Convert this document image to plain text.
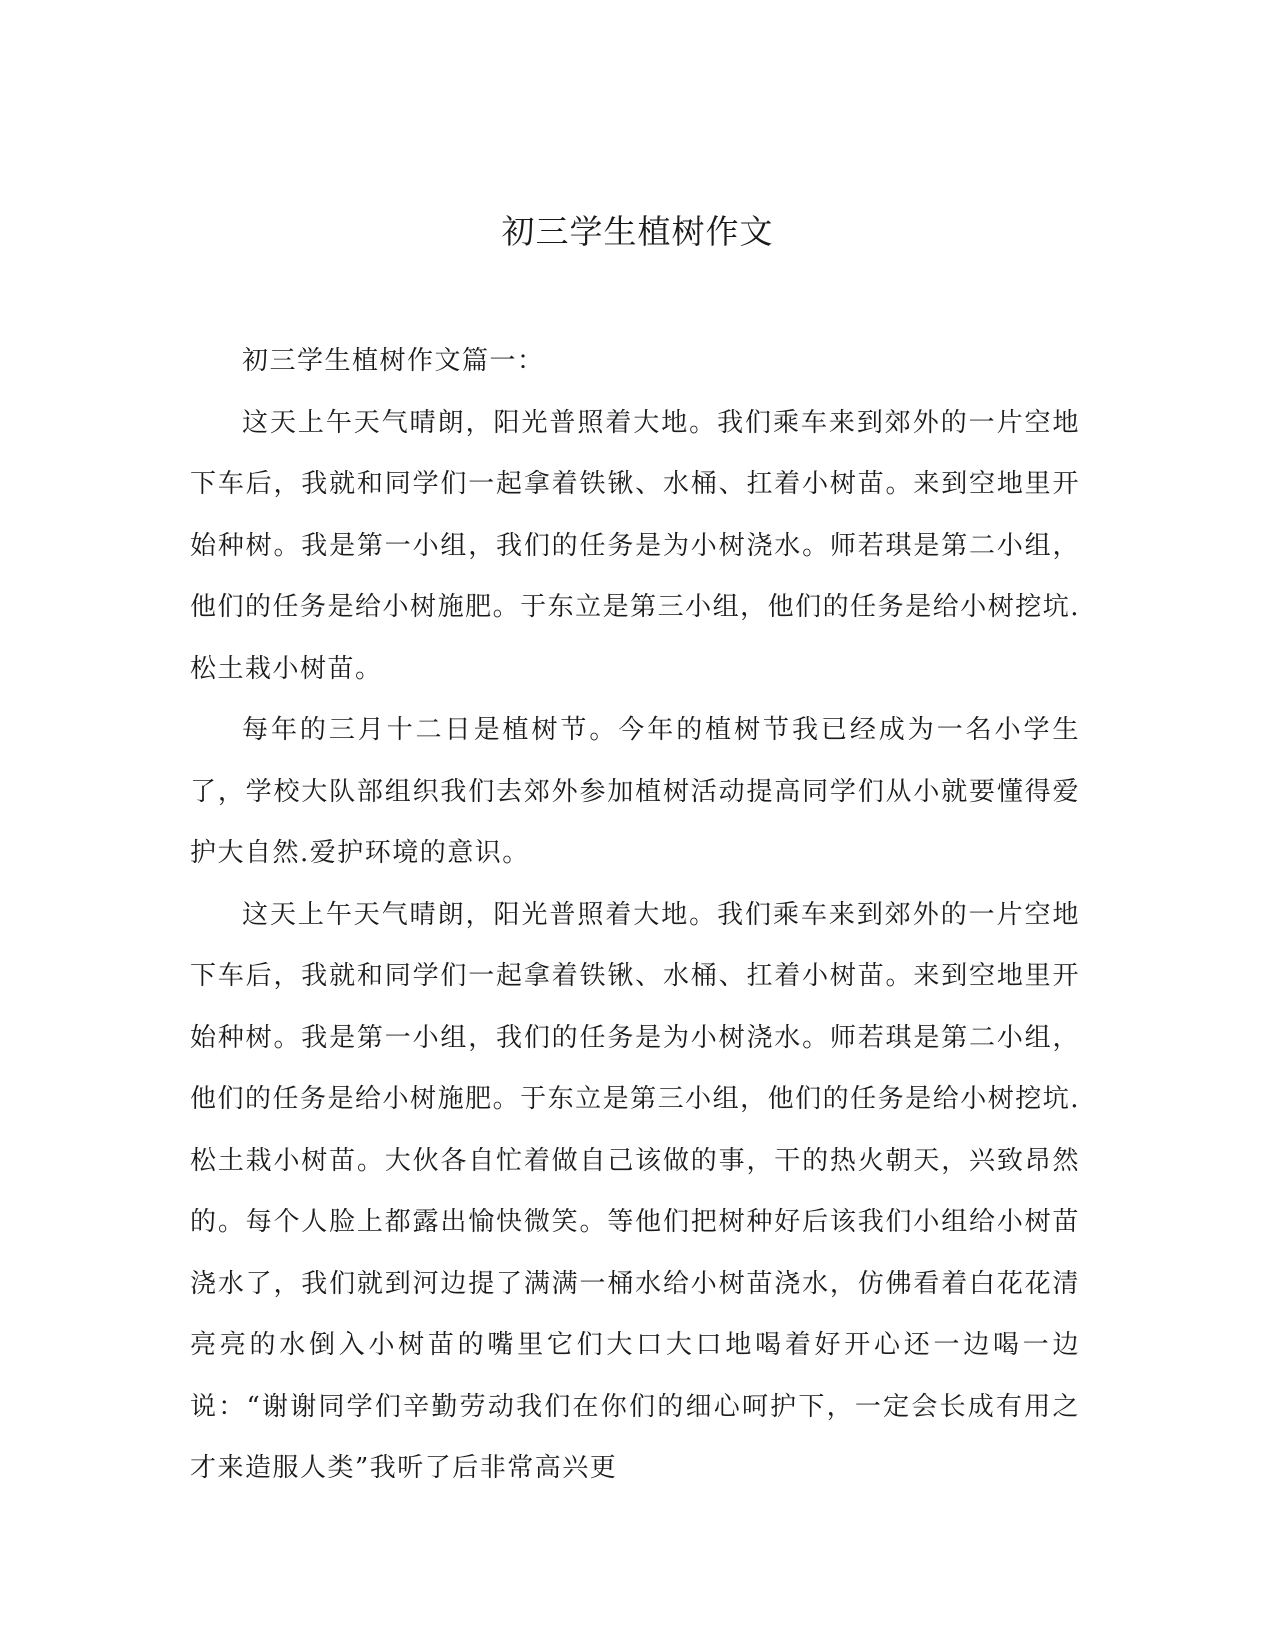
初三学生植树作文

初三学生植树作文篇一：

这天上午天气晴朗，阳光普照着大地。我们乘车来到郊外的一片空地下车后，我就和同学们一起拿着铁锹、水桶、扛着小树苗。来到空地里开始种树。我是第一小组，我们的任务是为小树浇水。师若琪是第二小组，他们的任务是给小树施肥。于东立是第三小组，他们的任务是给小树挖坑.松土栽小树苗。

每年的三月十二日是植树节。今年的植树节我已经成为一名小学生了，学校大队部组织我们去郊外参加植树活动提高同学们从小就要懂得爱护大自然.爱护环境的意识。

这天上午天气晴朗，阳光普照着大地。我们乘车来到郊外的一片空地下车后，我就和同学们一起拿着铁锹、水桶、扛着小树苗。来到空地里开始种树。我是第一小组，我们的任务是为小树浇水。师若琪是第二小组，他们的任务是给小树施肥。于东立是第三小组，他们的任务是给小树挖坑.松土栽小树苗。大伙各自忙着做自己该做的事，干的热火朝天，兴致昂然的。每个人脸上都露出愉快微笑。等他们把树种好后该我们小组给小树苗浇水了，我们就到河边提了满满一桶水给小树苗浇水，仿佛看着白花花清亮亮的水倒入小树苗的嘴里它们大口大口地喝着好开心还一边喝一边说：“谢谢同学们辛勤劳动我们在你们的细心呵护下，一定会长成有用之才来造服人类”我听了后非常高兴更
